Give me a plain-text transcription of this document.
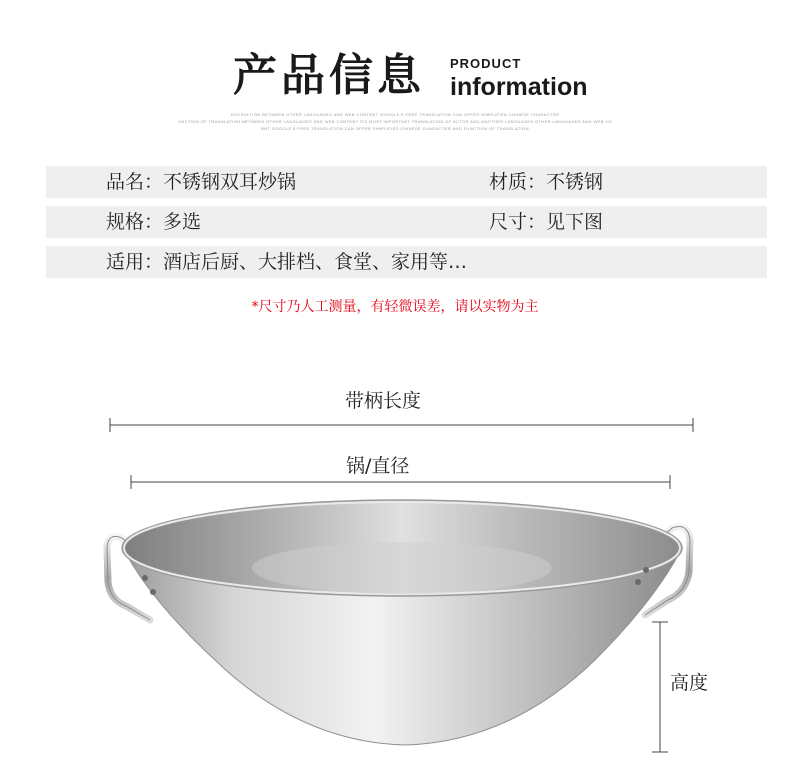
产品信息 PRODUCT
information
DOCSULTION BETWEEN OTHER LANGUAGES AND WEB CONTENT GOOGLE'S FREE TRANSLATION CAN OFFER SIMPLIFIED CHINESE CHARACTER
UNCTION OF TRANSLATION BETWEEN OTHER LANGUAGES AND WEB CONTENT ITS MOST IMPORTANT TRANSLATION OF ACTOR AND ANOTHER LANGUAGES OTHER LANGUAGES AND WEB VO
BNT GOOGLE'S FREE TRANSLATION CAN OFFER SIMPLIFIED CHINESE CHARACTER AND FUNCTION OF TRANSLATION
品名：不锈钢双耳炒锅	材质：不锈钢
规格：多选	尺寸：见下图
适用：酒店后厨、大排档、食堂、家用等…
*尺寸乃人工测量，有轻微误差，请以实物为主
带柄长度
锅/直径
高度
